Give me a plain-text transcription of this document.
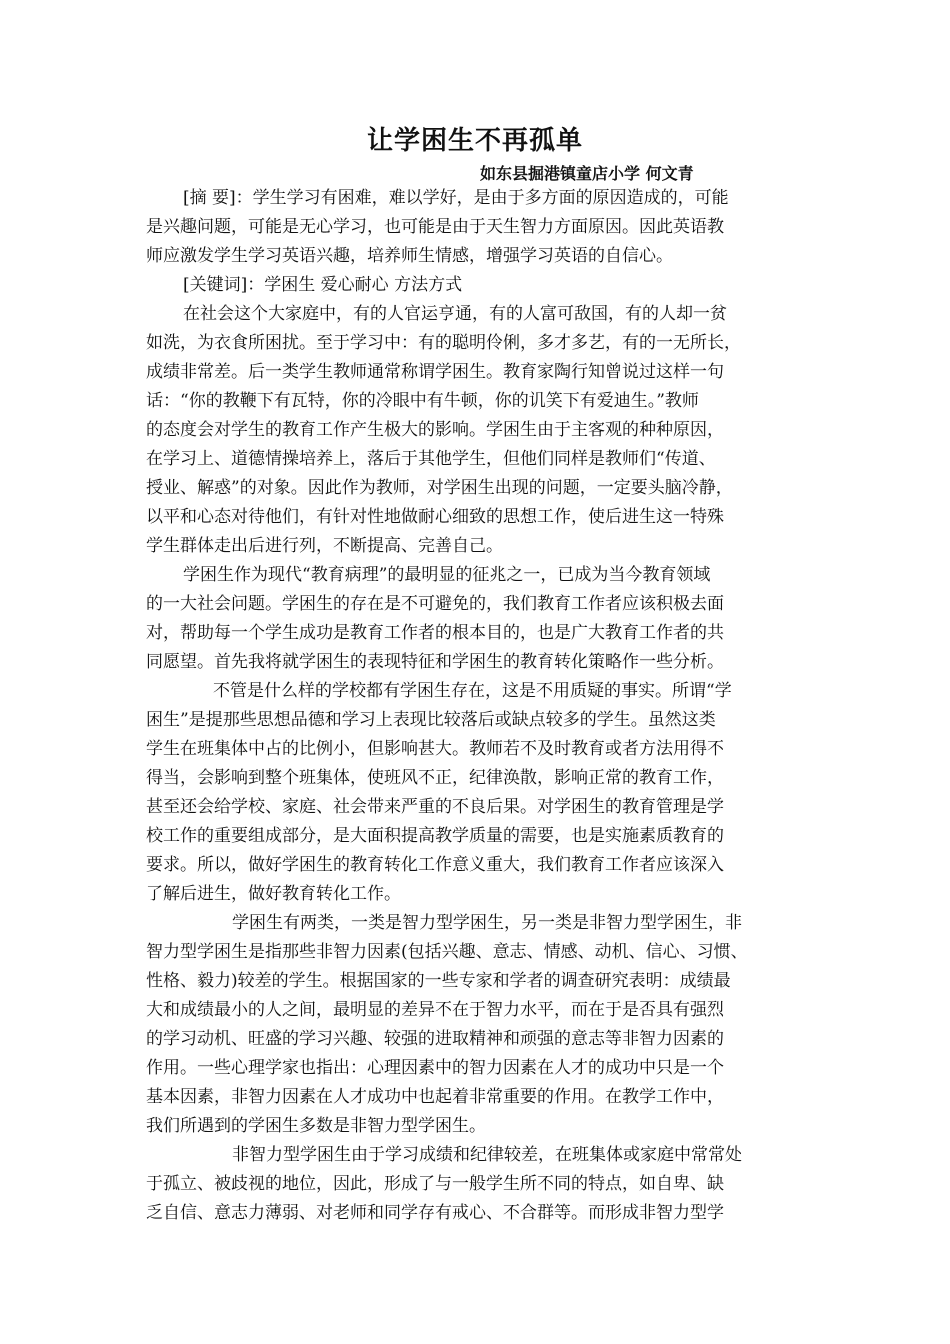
让学困生不再孤单
如东县掘港镇童店小学 何文青
[摘 要]：学生学习有困难，难以学好，是由于多方面的原因造成的，可能
是兴趣问题，可能是无心学习，也可能是由于天生智力方面原因。因此英语教
师应激发学生学习英语兴趣，培养师生情感，增强学习英语的自信心。
[关键词]：学困生 爱心耐心 方法方式
在社会这个大家庭中，有的人官运亨通，有的人富可敌国，有的人却一贫
如洗，为衣食所困扰。至于学习中：有的聪明伶俐，多才多艺，有的一无所长，
成绩非常差。后一类学生教师通常称谓学困生。教育家陶行知曾说过这样一句
话：“你的教鞭下有瓦特，你的冷眼中有牛顿，你的讥笑下有爱迪生。”教师
的态度会对学生的教育工作产生极大的影响。学困生由于主客观的种种原因，
在学习上、道德情操培养上，落后于其他学生，但他们同样是教师们“传道、
授业、解惑”的对象。因此作为教师，对学困生出现的问题，一定要头脑冷静，
以平和心态对待他们，有针对性地做耐心细致的思想工作，使后进生这一特殊
学生群体走出后进行列，不断提高、完善自己。
学困生作为现代“教育病理”的最明显的征兆之一，已成为当今教育领域
的一大社会问题。学困生的存在是不可避免的，我们教育工作者应该积极去面
对，帮助每一个学生成功是教育工作者的根本目的，也是广大教育工作者的共
同愿望。首先我将就学困生的表现特征和学困生的教育转化策略作一些分析。
不管是什么样的学校都有学困生存在，这是不用质疑的事实。所谓“学
困生”是提那些思想品德和学习上表现比较落后或缺点较多的学生。虽然这类
学生在班集体中占的比例小，但影响甚大。教师若不及时教育或者方法用得不
得当，会影响到整个班集体，使班风不正，纪律涣散，影响正常的教育工作，
甚至还会给学校、家庭、社会带来严重的不良后果。对学困生的教育管理是学
校工作的重要组成部分，是大面积提高教学质量的需要，也是实施素质教育的
要求。所以，做好学困生的教育转化工作意义重大，我们教育工作者应该深入
了解后进生，做好教育转化工作。
学困生有两类，一类是智力型学困生，另一类是非智力型学困生，非
智力型学困生是指那些非智力因素(包括兴趣、意志、情感、动机、信心、习惯、
性格、毅力)较差的学生。根据国家的一些专家和学者的调查研究表明：成绩最
大和成绩最小的人之间，最明显的差异不在于智力水平，而在于是否具有强烈
的学习动机、旺盛的学习兴趣、较强的进取精神和顽强的意志等非智力因素的
作用。一些心理学家也指出：心理因素中的智力因素在人才的成功中只是一个
基本因素，非智力因素在人才成功中也起着非常重要的作用。在教学工作中，
我们所遇到的学困生多数是非智力型学困生。
非智力型学困生由于学习成绩和纪律较差，在班集体或家庭中常常处
于孤立、被歧视的地位，因此，形成了与一般学生所不同的特点，如自卑、缺
乏自信、意志力薄弱、对老师和同学存有戒心、不合群等。而形成非智力型学
